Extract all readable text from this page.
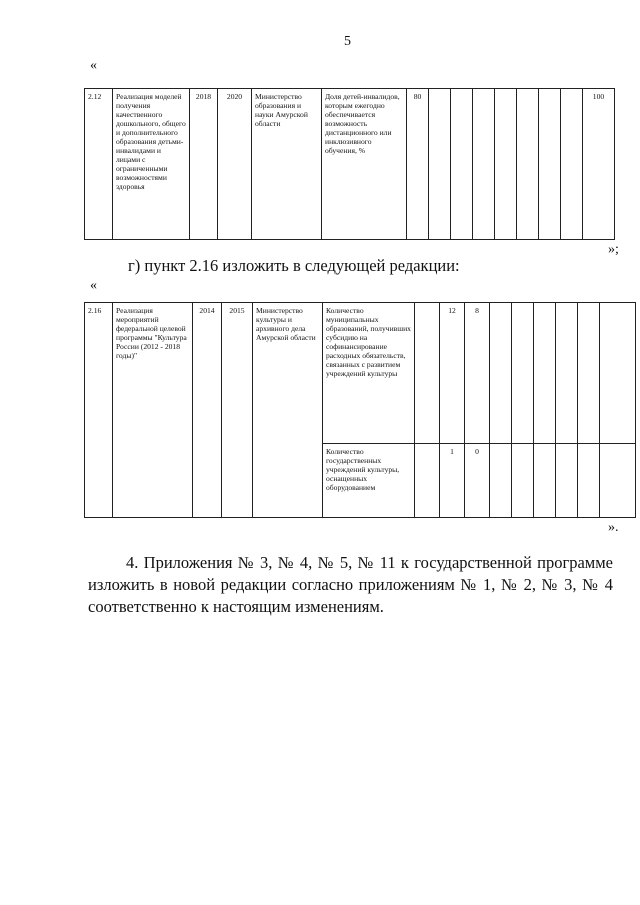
5
«
2.12	Реализация моделей получения качественного дошкольного, общего и дополнительного образования детьми-инвалидами и лицами с ограниченными возможностями здоровья	2018	2020	Министерство образования и науки Амурской области	Доля детей-инвалидов, которым ежегодно обеспечивается возможность дистанционного или инклюзивного обучения, %	80								100
»;
г) пункт 2.16 изложить в следующей редакции:
«
2.16	Реализация мероприятий федеральной целевой программы "Культура России (2012 - 2018 годы)"	2014	2015	Министерство культуры и архивного дела Амурской области	Количество муниципальных образований, получивших субсидию на софинансирование расходных обязательств, связанных с развитием учреждений культуры		12	8						
					Количество государственных учреждений культуры, оснащенных оборудованием		1	0						
».
4. Приложения № 3, № 4, № 5, № 11 к государственной программе изложить в новой редакции согласно приложениям № 1, № 2, № 3, № 4 соответственно к настоящим изменениям.
